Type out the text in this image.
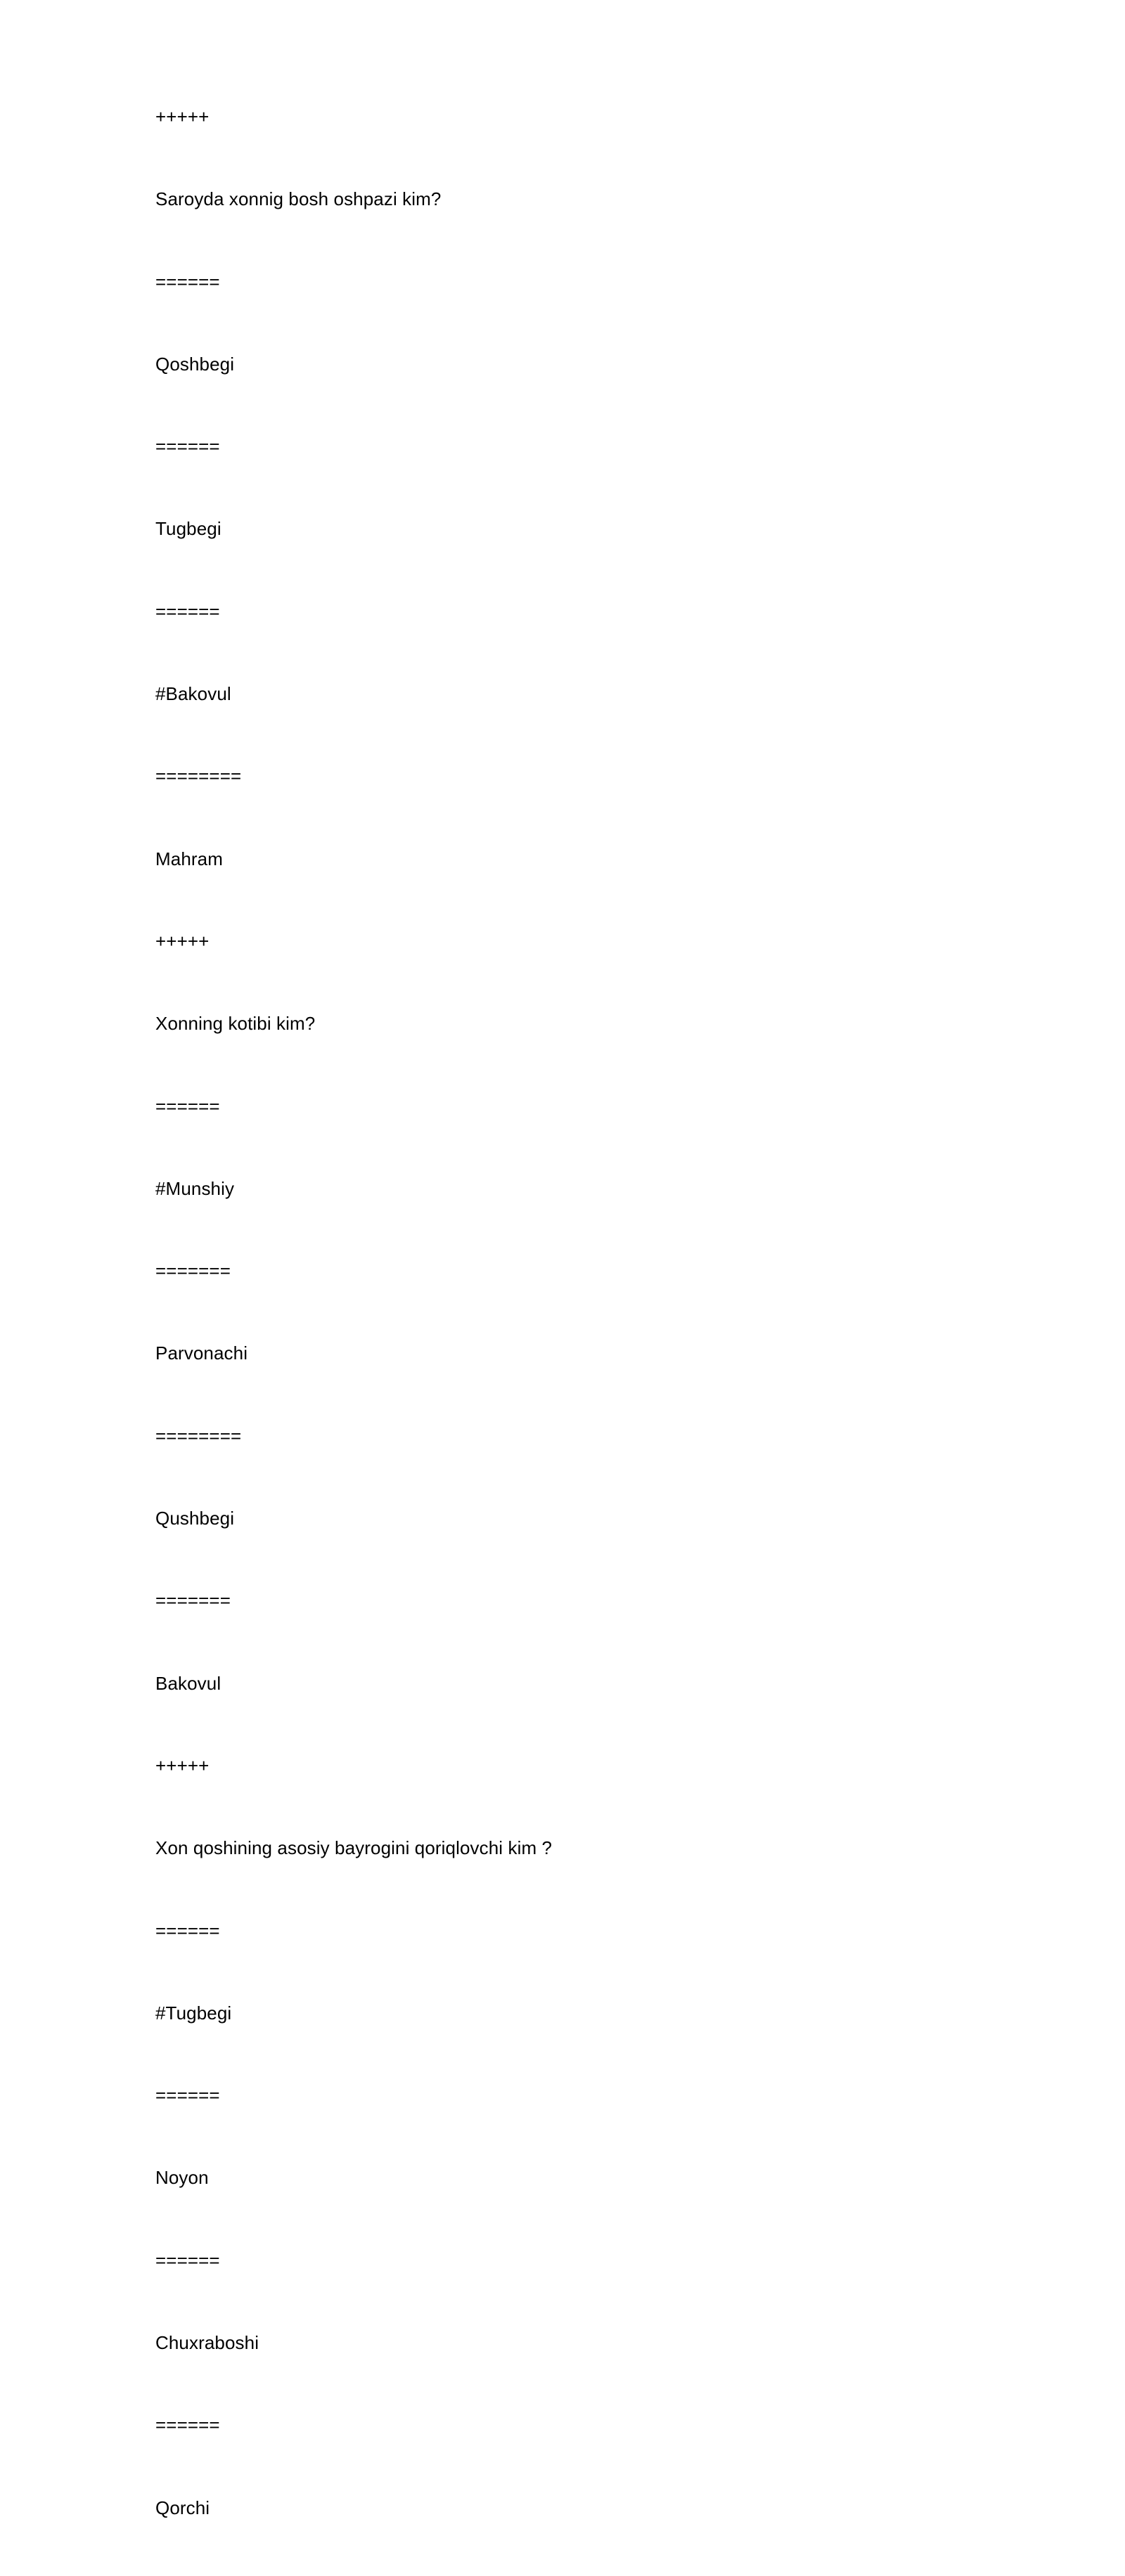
+++++
Saroyda xonnig bosh oshpazi kim?
======
Qoshbegi
======
Tugbegi
======
#Bakovul
========
Mahram
+++++
Xonning kotibi kim?
======
#Munshiy
=======
Parvonachi
========
Qushbegi
=======
Bakovul
+++++
Xon qoshining asosiy bayrogini qoriqlovchi kim ?
======
#Tugbegi
======
Noyon
======
Chuxraboshi
======
Qorchi
